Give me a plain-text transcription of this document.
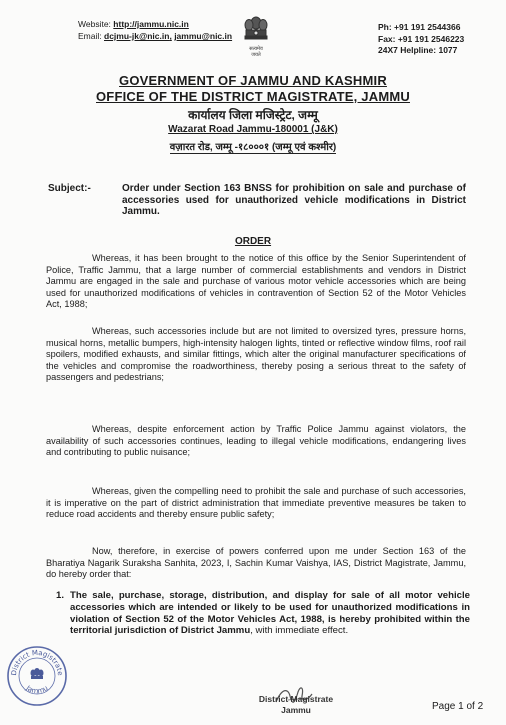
Website: http://jammu.nic.in
Email: dcjmu-jk@nic.in, jammu@nic.in
सत्यमेव
जयते
Ph: +91 191 2544366
Fax: +91 191 2546223
24X7 Helpline: 1077
GOVERNMENT OF JAMMU AND KASHMIR
OFFICE OF THE DISTRICT MAGISTRATE, JAMMU
कार्यालय जिला मजिस्ट्रेट, जम्मू
Wazarat Road Jammu-180001 (J&K)
वज़ारत रोड, जम्मू -१८०००१ (जम्मू एवं कश्मीर)
Subject:-	Order under Section 163 BNSS for prohibition on sale and purchase of accessories used for unauthorized vehicle modifications in District Jammu.
ORDER
Whereas, it has been brought to the notice of this office by the Senior Superintendent of Police, Traffic Jammu, that a large number of commercial establishments and vendors in District Jammu are engaged in the sale and purchase of various motor vehicle accessories which are being used for unauthorized modifications of vehicles in contravention of Section 52 of the Motor Vehicles Act, 1988;
Whereas, such accessories include but are not limited to oversized tyres, pressure horns, musical horns, metallic bumpers, high-intensity halogen lights, tinted or reflective window films, roof rail spoilers, modified exhausts, and similar fittings, which alter the original manufacturer specifications of the vehicles and compromise the roadworthiness, thereby posing a serious threat to the safety of passengers and pedestrians;
Whereas, despite enforcement action by Traffic Police Jammu against violators, the availability of such accessories continues, leading to illegal vehicle modifications, endangering lives and contributing to public nuisance;
Whereas, given the compelling need to prohibit the sale and purchase of such accessories, it is imperative on the part of district administration that immediate preventive measures be taken to reduce road accidents and thereby ensure public safety;
Now, therefore, in exercise of powers conferred upon me under Section 163 of the Bharatiya Nagarik Suraksha Sanhita, 2023, I, Sachin Kumar Vaishya, IAS, District Magistrate, Jammu, do hereby order that:
1. The sale, purchase, storage, distribution, and display for sale of all motor vehicle accessories which are intended or likely to be used for unauthorized modifications in violation of Section 52 of the Motor Vehicles Act, 1988, is hereby prohibited within the territorial jurisdiction of District Jammu, with immediate effect.
District Magistrate
Jammu
District Magistrate
Jammu	Page 1 of 2
